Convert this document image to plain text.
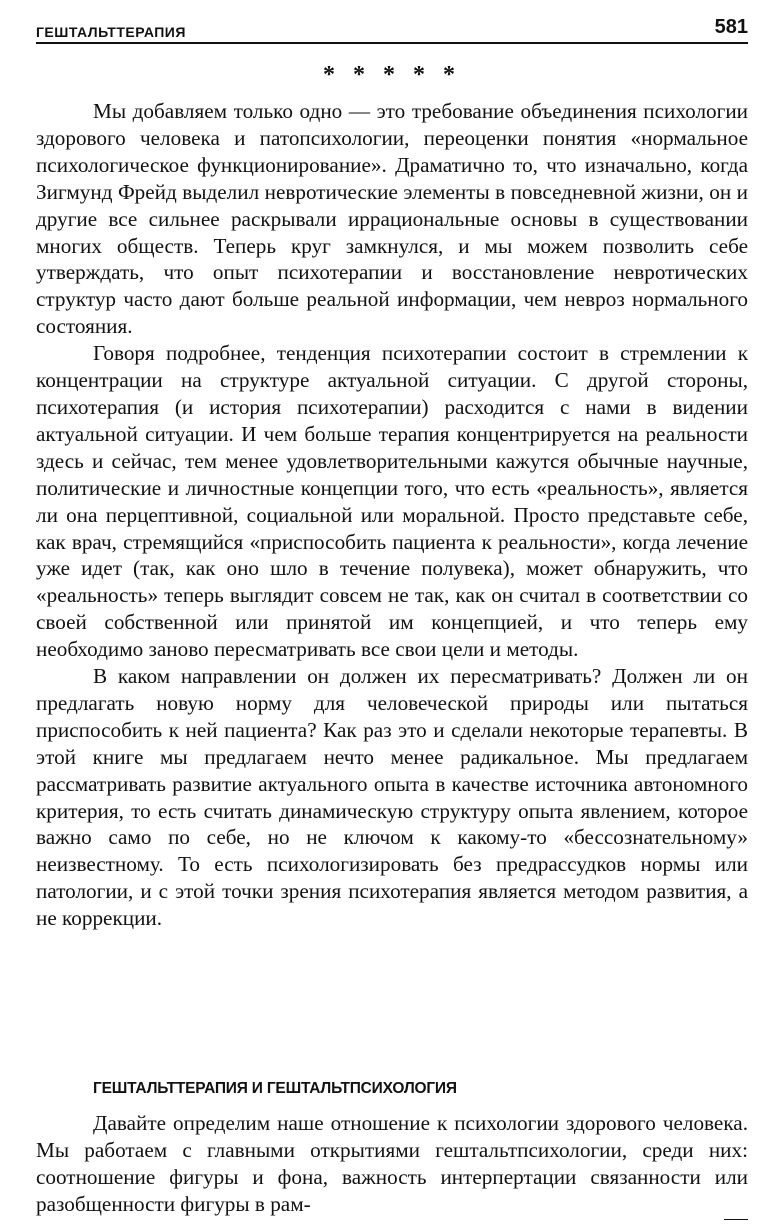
ГЕШТАЛЬТТЕРАПИЯ	581
* * * * *

Мы добавляем только одно — это требование объединения психологии здорового человека и патопсихологии, переоценки понятия «нормальное психологическое функционирование». Драматично то, что изначально, когда Зигмунд Фрейд выделил невротические элементы в повседневной жизни, он и другие все сильнее раскрывали иррациональные основы в существовании многих обществ. Теперь круг замкнулся, и мы можем позволить себе утверждать, что опыт психотерапии и восстановление невротических структур часто дают больше реальной информации, чем невроз нормального состояния.

Говоря подробнее, тенденция психотерапии состоит в стремлении к концентрации на структуре актуальной ситуации. С другой стороны, психотерапия (и история психотерапии) расходится с нами в видении актуальной ситуации. И чем больше терапия концентрируется на реальности здесь и сейчас, тем менее удовлетворительными кажутся обычные научные, политические и личностные концепции того, что есть «реальность», является ли она перцептивной, социальной или моральной. Просто представьте себе, как врач, стремящийся «приспособить пациента к реальности», когда лечение уже идет (так, как оно шло в течение полувека), может обнаружить, что «реальность» теперь выглядит совсем не так, как он считал в соответствии со своей собственной или принятой им концепцией, и что теперь ему необходимо заново пересматривать все свои цели и методы.

В каком направлении он должен их пересматривать? Должен ли он предлагать новую норму для человеческой природы или пытаться приспособить к ней пациента? Как раз это и сделали некоторые терапевты. В этой книге мы предлагаем нечто менее радикальное. Мы предлагаем рассматривать развитие актуального опыта в качестве источника автономного критерия, то есть считать динамическую структуру опыта явлением, которое важно само по себе, но не ключом к какому-то «бессознательному» неизвестному. То есть психологизировать без предрассудков нормы или патологии, и с этой точки зрения психотерапия является методом развития, а не коррекции.

ГЕШТАЛЬТТЕРАПИЯ И ГЕШТАЛЬТПСИХОЛОГИЯ

Давайте определим наше отношение к психологии здорового человека. Мы работаем с главными открытиями гештальтпсихологии, среди них: соотношение фигуры и фона, важность интерпертации связанности или разобщенности фигуры в рам-
